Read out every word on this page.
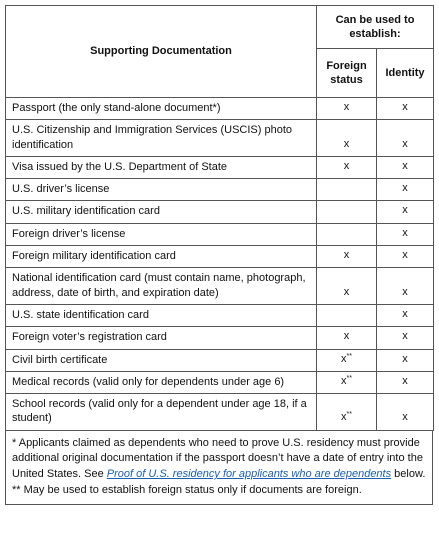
Supporting Documentation	Can be used to establish:	
	Foreign status	Identity
Passport (the only stand-alone document*)	x	x
U.S. Citizenship and Immigration Services (USCIS) photo identification	x	x
Visa issued by the U.S. Department of State	x	x
U.S. driver’s license		x
U.S. military identification card		x
Foreign driver’s license		x
Foreign military identification card	x	x
National identification card (must contain name, photograph, address, date of birth, and expiration date)	x	x
U.S. state identification card		x
Foreign voter’s registration card	x	x
Civil birth certificate	x**	x
Medical records (valid only for dependents under age 6)	x**	x
School records (valid only for a dependent under age 18, if a student)	x**	x

* Applicants claimed as dependents who need to prove U.S. residency must provide additional original documentation if the passport doesn’t have a date of entry into the United States. See Proof of U.S. residency for applicants who are dependents below.

** May be used to establish foreign status only if documents are foreign.
